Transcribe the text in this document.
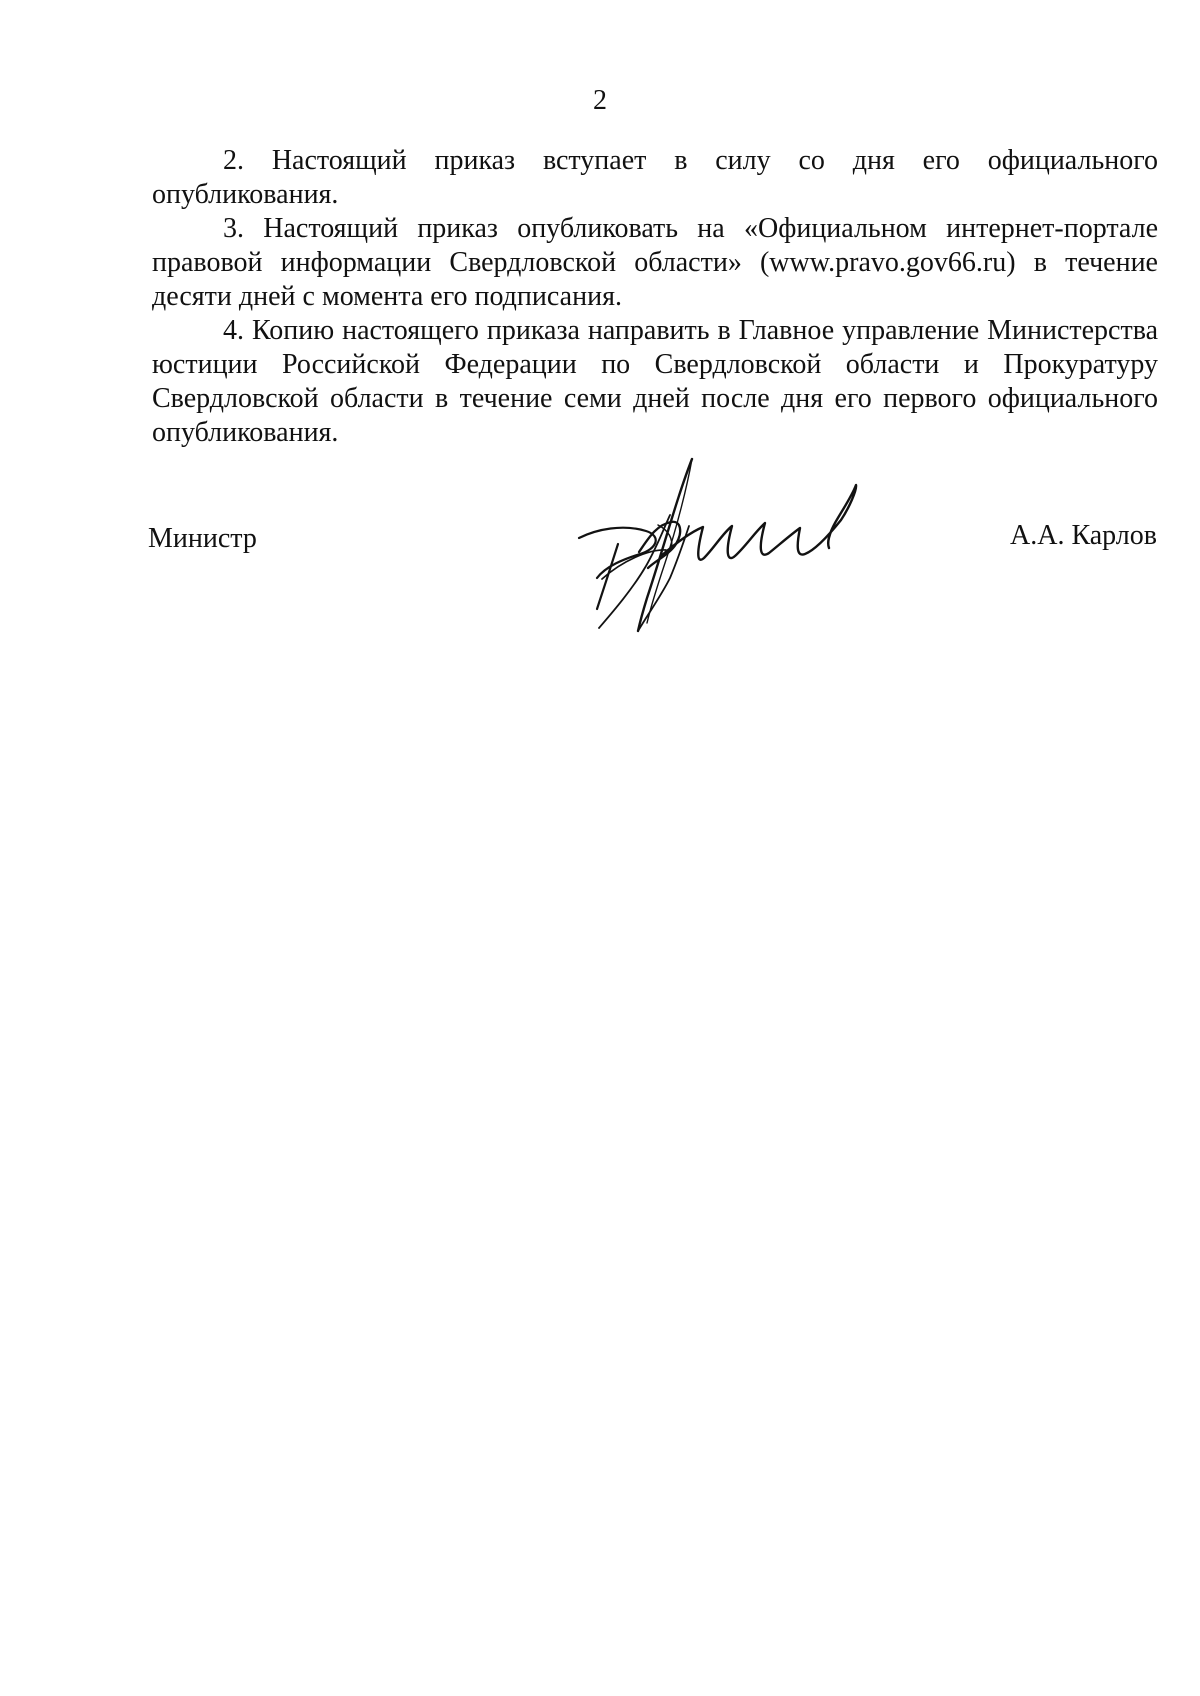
2

2. Настоящий приказ вступает в силу со дня его официального опубликования.

3. Настоящий приказ опубликовать на «Официальном интернет-портале правовой информации Свердловской области» (www.pravo.gov66.ru) в течение десяти дней с момента его подписания.

4. Копию настоящего приказа направить в Главное управление Министерства юстиции Российской Федерации по Свердловской области и Прокуратуру Свердловской области в течение семи дней после дня его первого официального опубликования.

Министр	А.А. Карлов
